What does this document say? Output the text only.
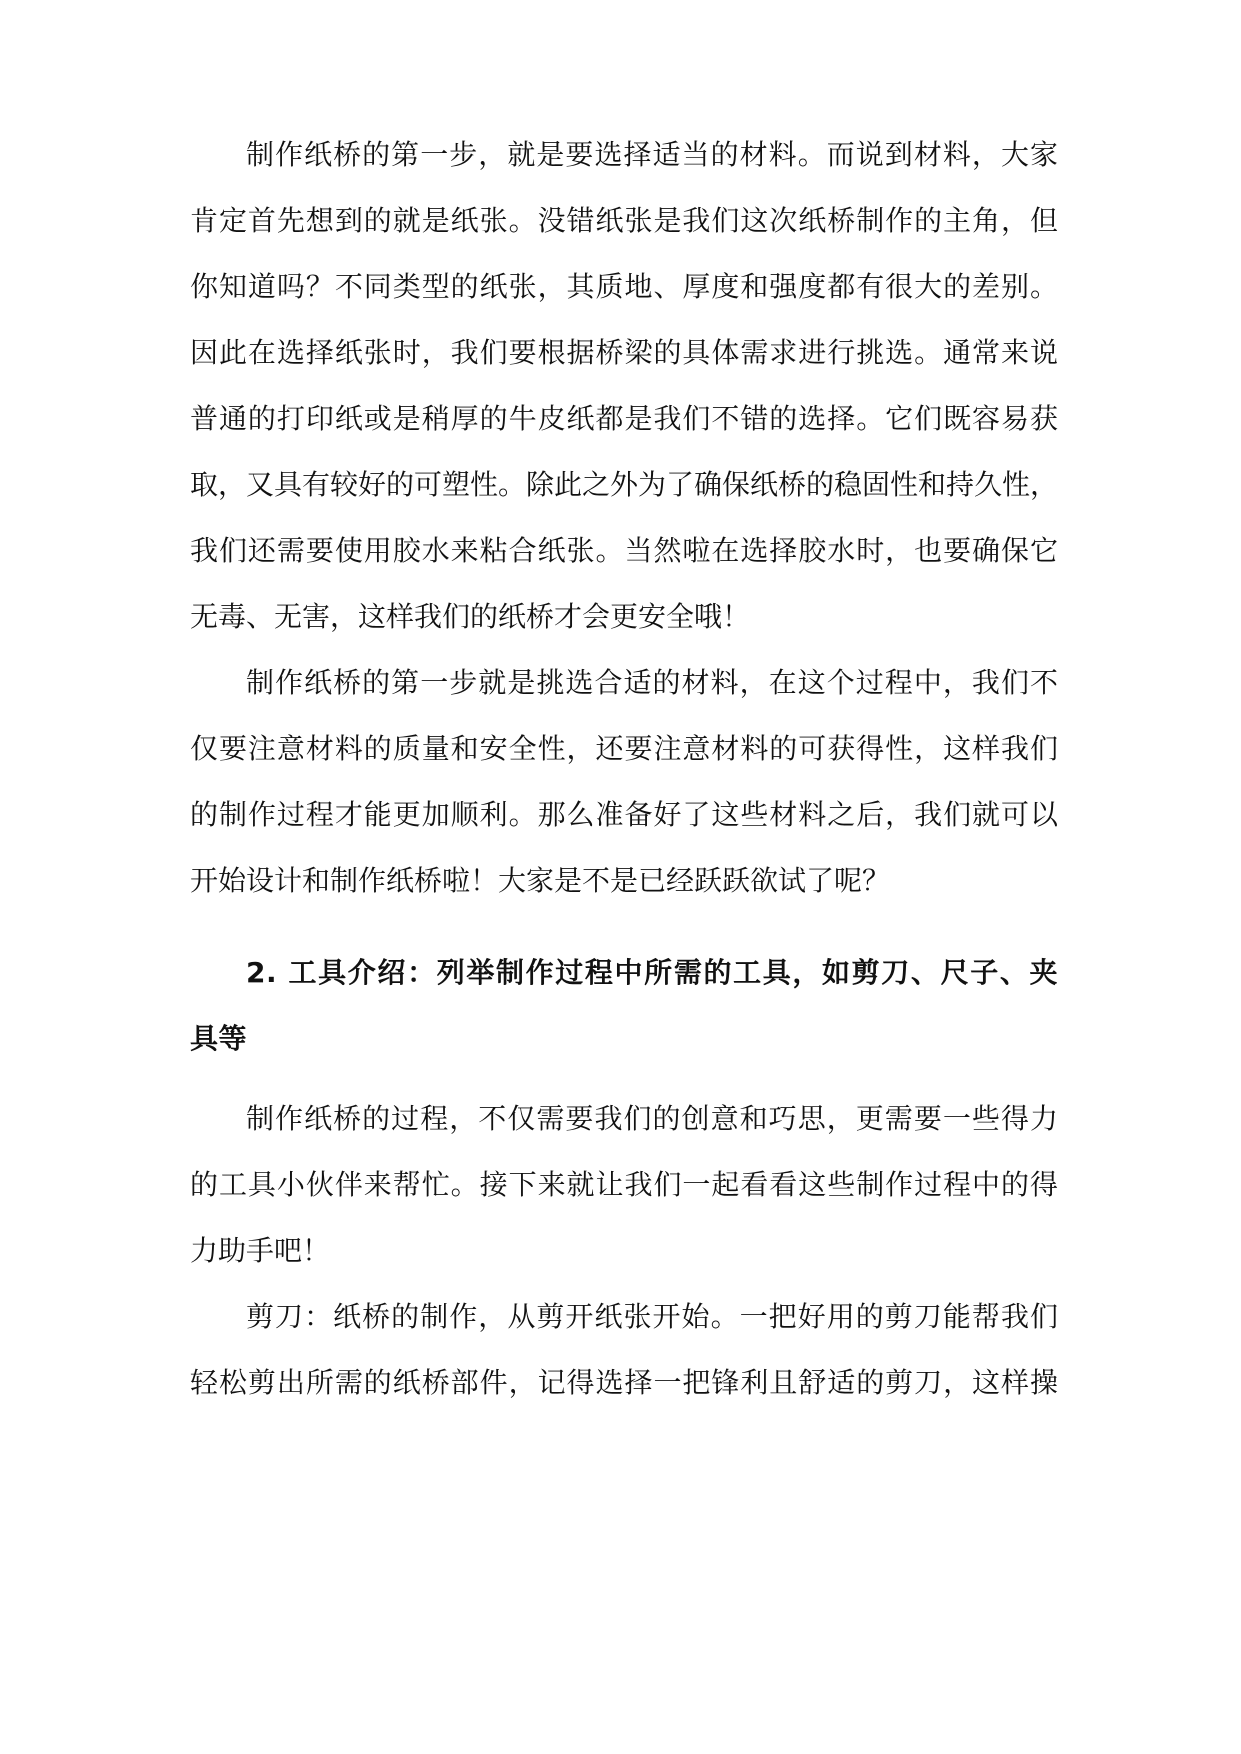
制作纸桥的第一步，就是要选择适当的材料。而说到材料，大家
肯定首先想到的就是纸张。没错纸张是我们这次纸桥制作的主角，但
你知道吗？不同类型的纸张，其质地、厚度和强度都有很大的差别。
因此在选择纸张时，我们要根据桥梁的具体需求进行挑选。通常来说
普通的打印纸或是稍厚的牛皮纸都是我们不错的选择。它们既容易获
取，又具有较好的可塑性。除此之外为了确保纸桥的稳固性和持久性，
我们还需要使用胶水来粘合纸张。当然啦在选择胶水时，也要确保它
无毒、无害，这样我们的纸桥才会更安全哦！
制作纸桥的第一步就是挑选合适的材料，在这个过程中，我们不
仅要注意材料的质量和安全性，还要注意材料的可获得性，这样我们
的制作过程才能更加顺利。那么准备好了这些材料之后，我们就可以
开始设计和制作纸桥啦！大家是不是已经跃跃欲试了呢？
2. 工具介绍：列举制作过程中所需的工具，如剪刀、尺子、夹
具等
制作纸桥的过程，不仅需要我们的创意和巧思，更需要一些得力
的工具小伙伴来帮忙。接下来就让我们一起看看这些制作过程中的得
力助手吧！
剪刀：纸桥的制作，从剪开纸张开始。一把好用的剪刀能帮我们
轻松剪出所需的纸桥部件，记得选择一把锋利且舒适的剪刀，这样操
